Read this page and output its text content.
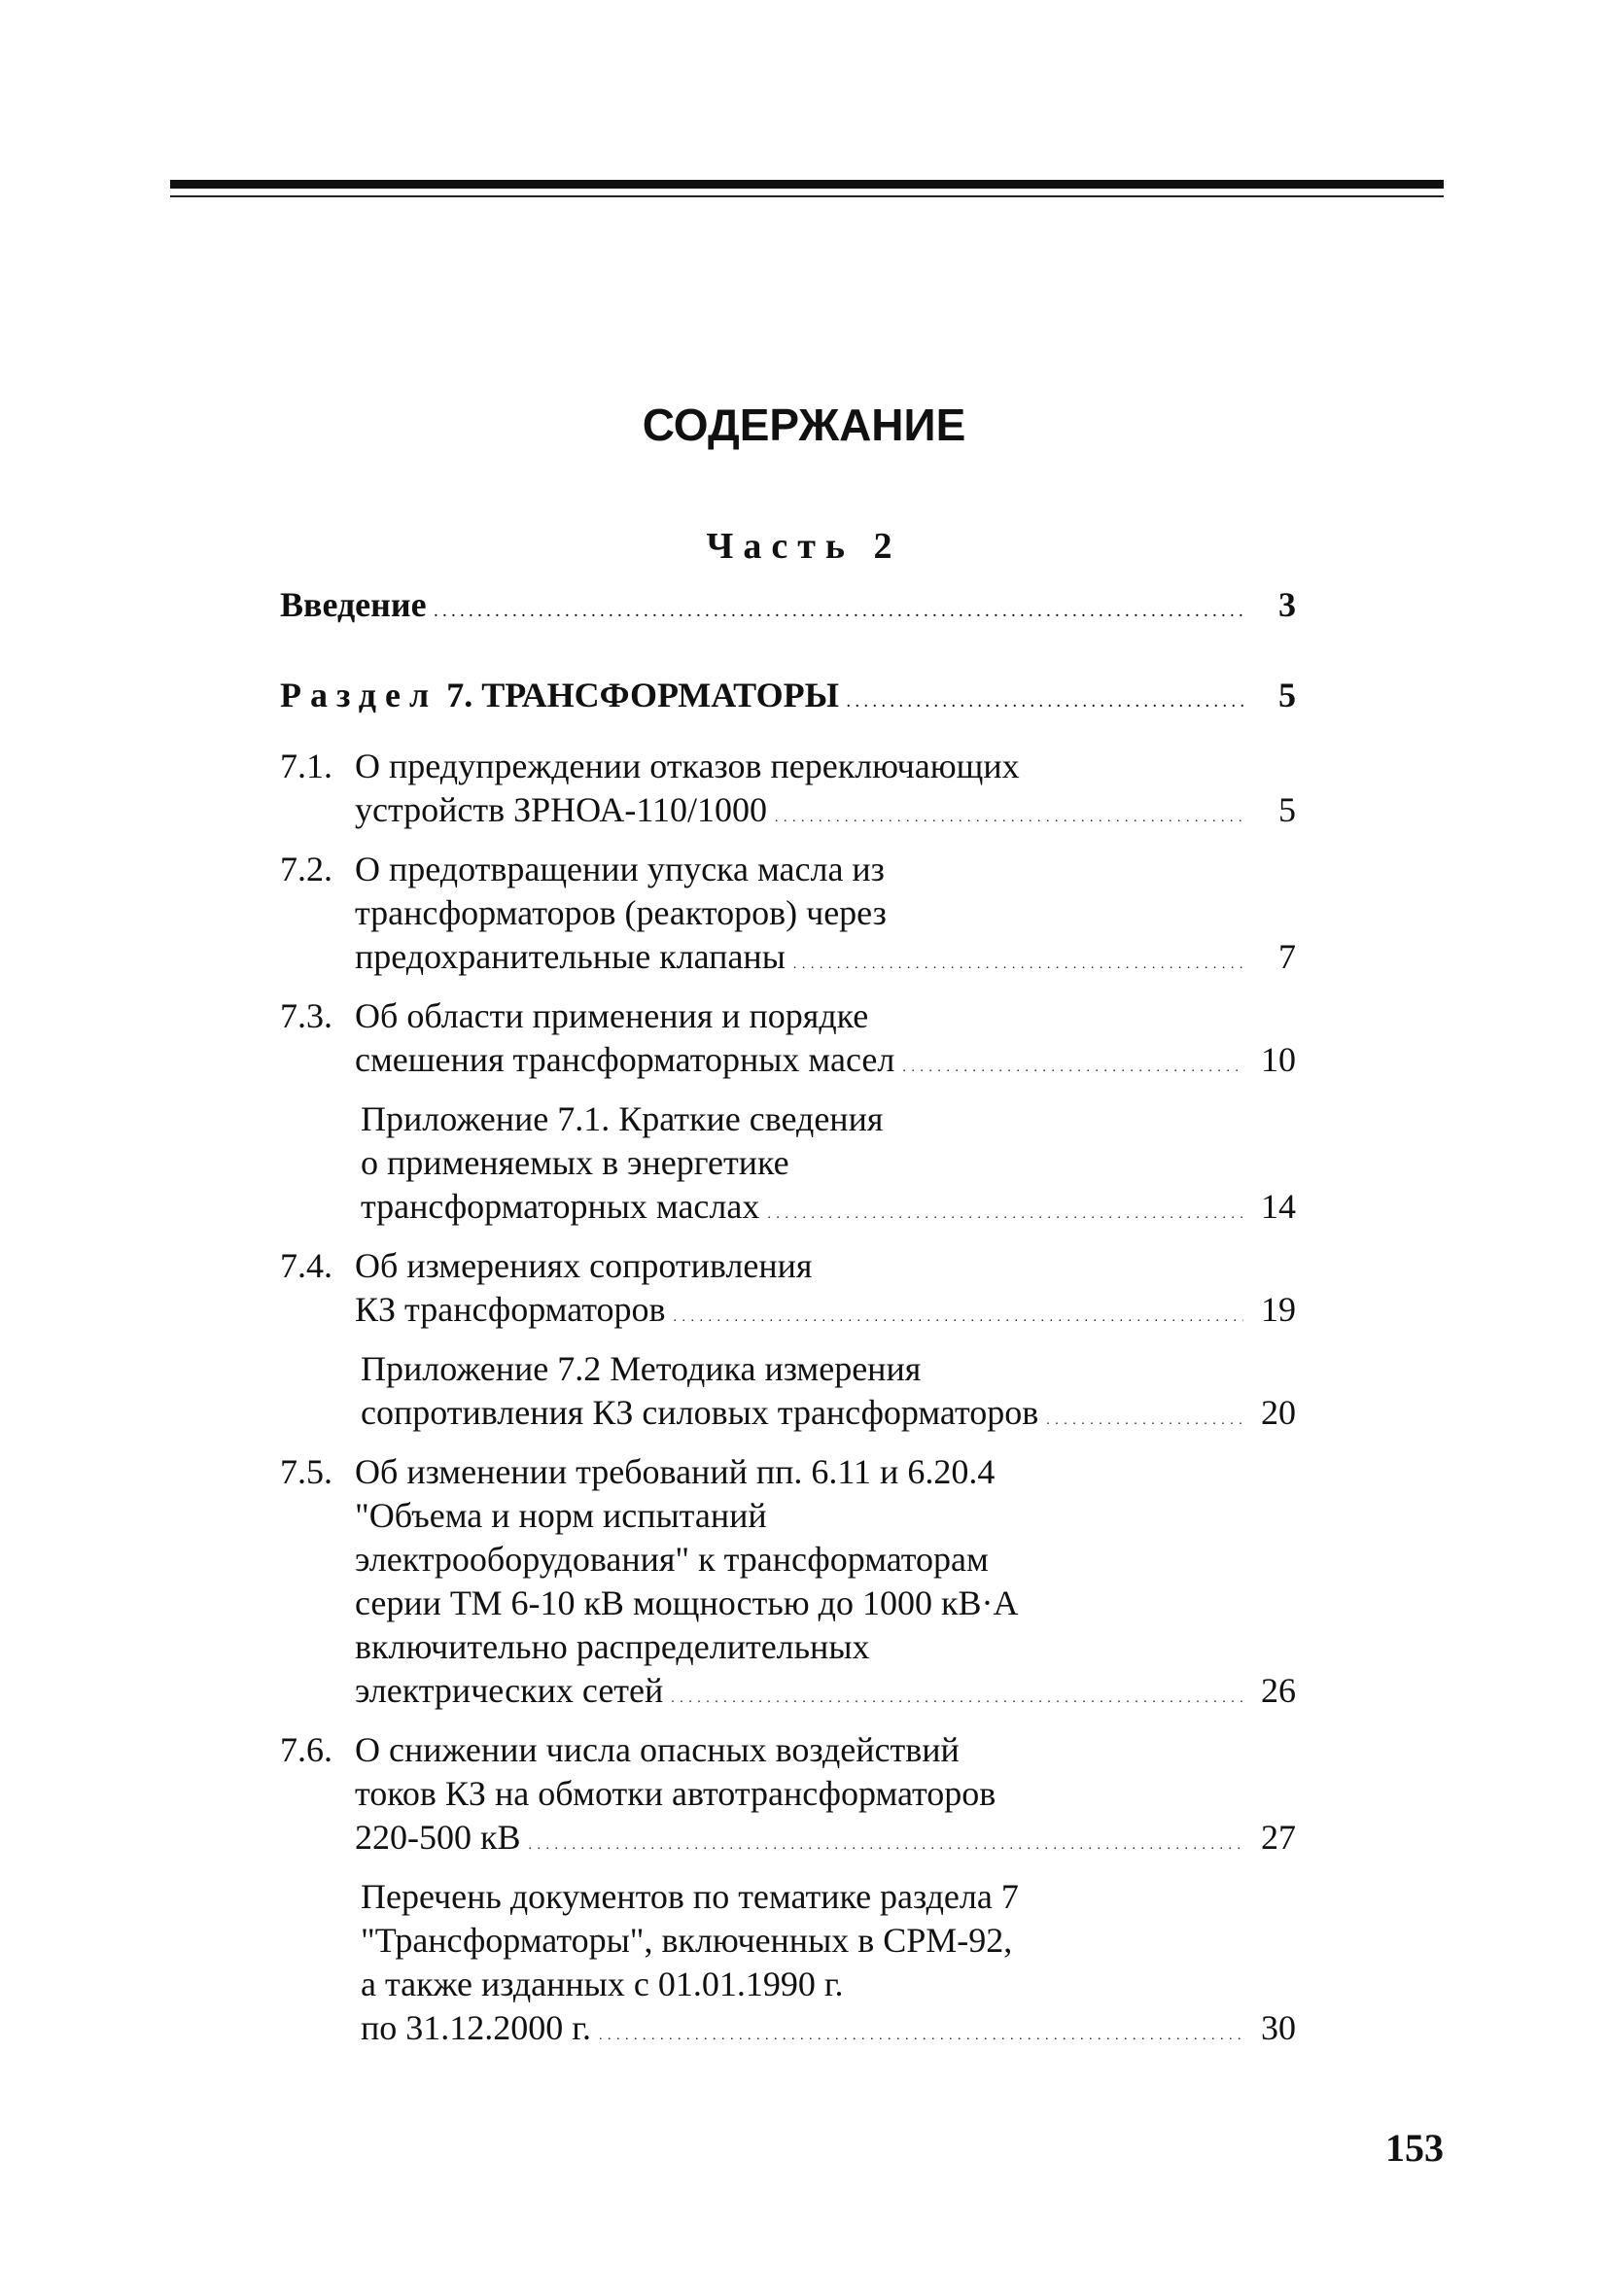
СОДЕРЖАНИЕ
Часть 2
Введение . . .	3
Раздел 7. ТРАНСФОРМАТОРЫ . . .	5
7.1. О предупреждении отказов переключающих
устройств ЗРНОА-110/1000 . . .	5
7.2. О предотвращении упуска масла из
трансформаторов (реакторов) через
предохранительные клапаны . . .	7
7.3. Об области применения и порядке
смешения трансформаторных масел . . .	10
Приложение 7.1. Краткие сведения
о применяемых в энергетике
трансформаторных маслах . . .	14
7.4. Об измерениях сопротивления
КЗ трансформаторов . . .	19
Приложение 7.2 Методика измерения
сопротивления КЗ силовых трансформаторов . . .	20
7.5. Об изменении требований пп. 6.11 и 6.20.4
"Объема и норм испытаний
электрооборудования" к трансформаторам
серии ТМ 6-10 кВ мощностью до 1000 кВ·А
включительно распределительных
электрических сетей . . .	26
7.6. О снижении числа опасных воздействий
токов КЗ на обмотки автотрансформаторов
220-500 кВ . . .	27
Перечень документов по тематике раздела 7
"Трансформаторы", включенных в СРМ-92,
а также изданных с 01.01.1990 г.
по 31.12.2000 г. . . .	30
153
